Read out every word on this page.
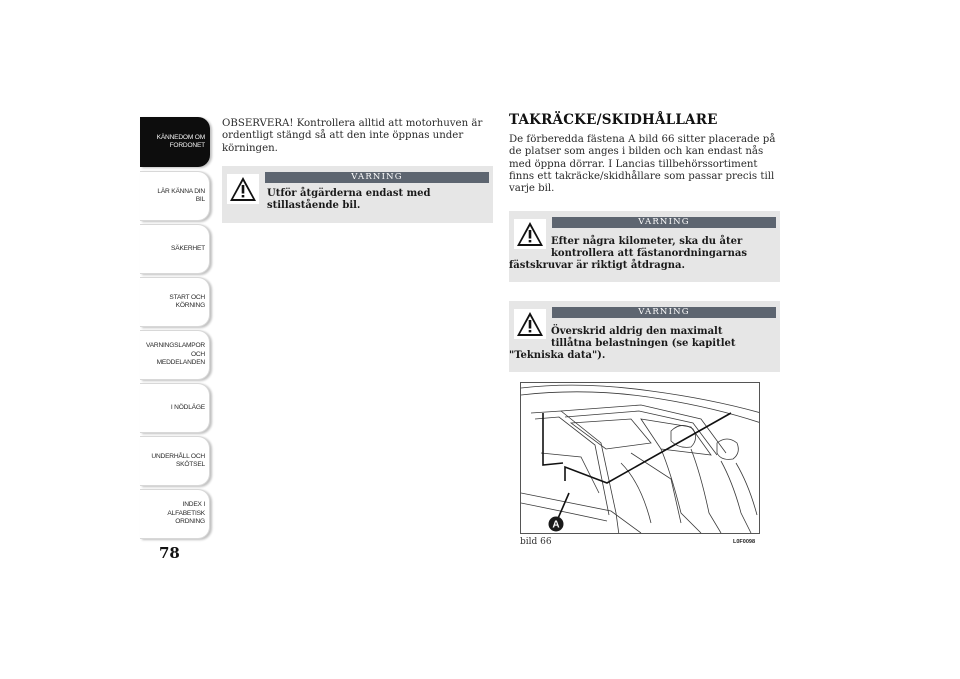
KÄNNEDOM OM
FORDONET
LÄR KÄNNA DIN
BIL
SÄKERHET
START OCH
KÖRNING
VARNINGSLAMPOR
OCH
MEDDELANDEN
I NÖDLÄGE
UNDERHÅLL OCH
SKÖTSEL
INDEX I
ALFABETISK
ORDNING
78

OBSERVERA! Kontrollera alltid att motorhuven är ordentligt stängd så att den inte öppnas under körningen.

VARNING
Utför åtgärderna endast med
stillastående bil.
TAKRÄCKE/SKIDHÅLLARE

De förberedda fästena A bild 66 sitter placerade på de platser som anges i bilden och kan endast nås med öppna dörrar. I Lancias tillbehörssortiment finns ett takräcke/skidhållare som passar precis till varje bil.

VARNING
Efter några kilometer, ska du åter
kontrollera att fästanordningarnas
fästskruvar är riktigt åtdragna.
VARNING
Överskrid aldrig den maximalt
tillåtna belastningen (se kapitlet
"Tekniska data").
A
bild 66	L0F0098
